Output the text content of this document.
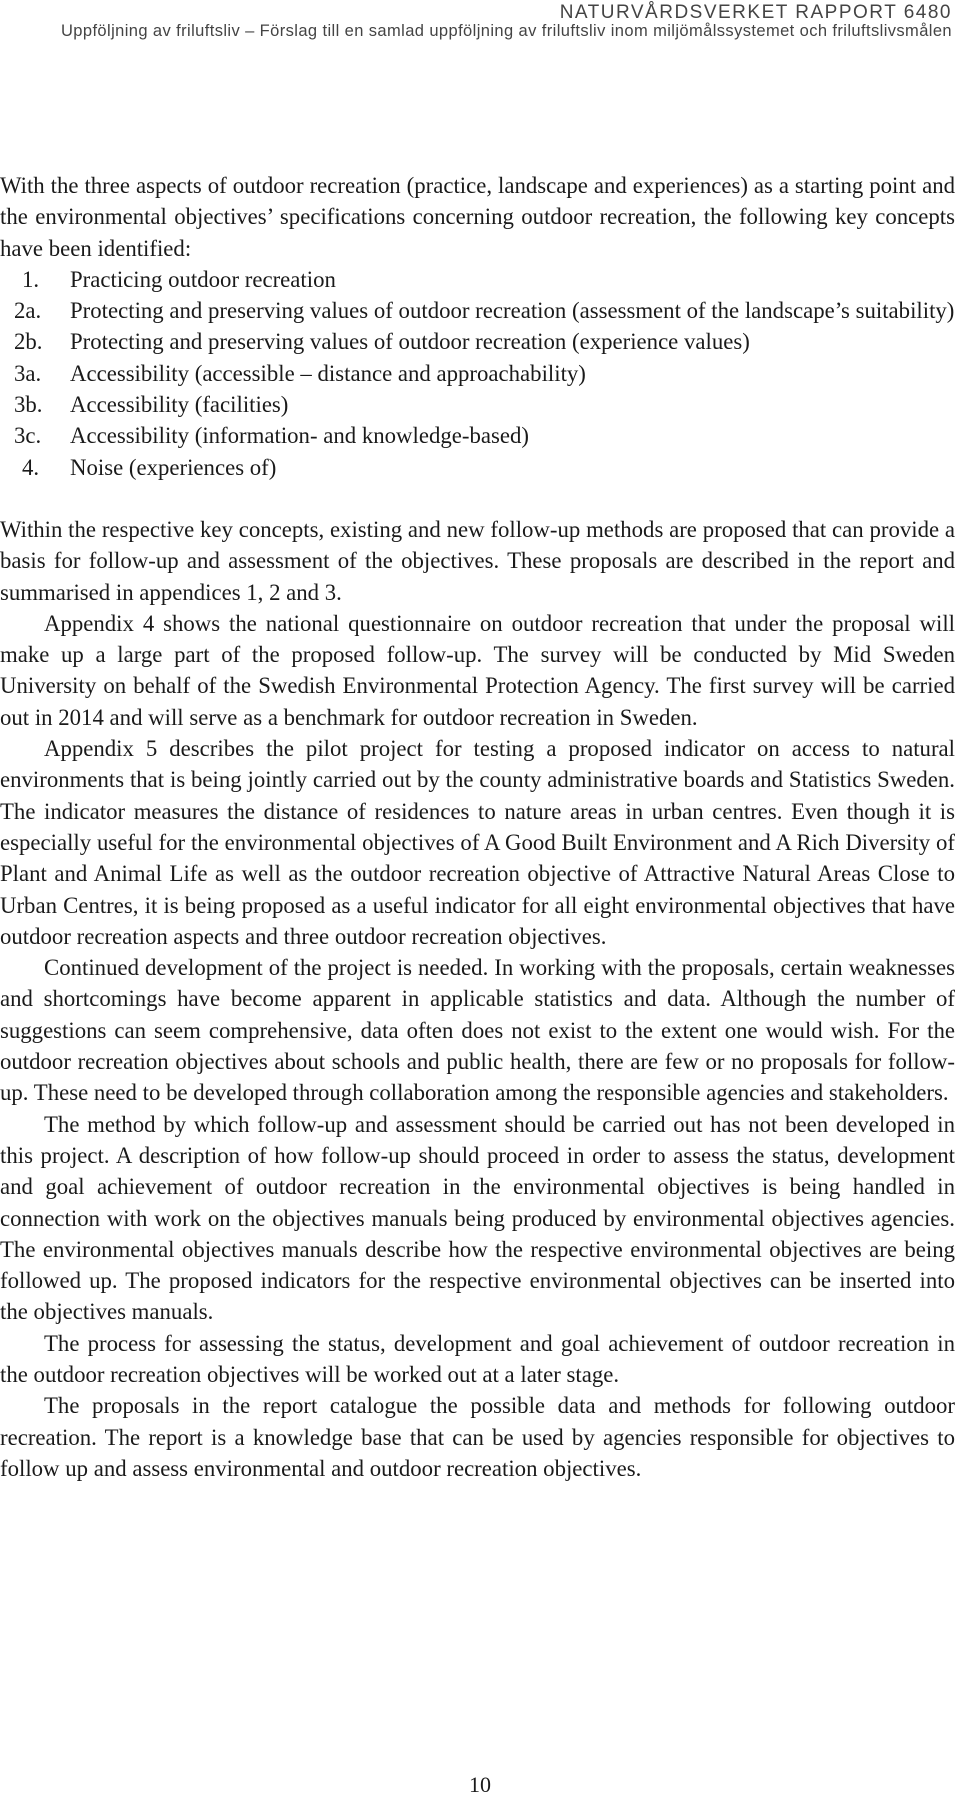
NATURVÅRDSVERKET RAPPORT 6480
Uppföljning av friluftsliv – Förslag till en samlad uppföljning av friluftsliv inom miljömålssystemet och friluftslivsmålen

With the three aspects of outdoor recreation (practice, landscape and experiences) as a starting point and the environmental objectives’ specifications concerning outdoor recreation, the following key concepts have been identified:

1. Practicing outdoor recreation
2a. Protecting and preserving values of outdoor recreation (assessment of the landscape’s suitability)
2b. Protecting and preserving values of outdoor recreation (experience values)
3a. Accessibility (accessible – distance and approachability)
3b. Accessibility (facilities)
3c. Accessibility (information- and knowledge-based)
4. Noise (experiences of)

Within the respective key concepts, existing and new follow-up methods are proposed that can provide a basis for follow-up and assessment of the objectives. These proposals are described in the report and summarised in appendices 1, 2 and 3.

Appendix 4 shows the national questionnaire on outdoor recreation that under the proposal will make up a large part of the proposed follow-up. The survey will be conducted by Mid Sweden University on behalf of the Swedish Environmental Protection Agency. The first survey will be carried out in 2014 and will serve as a benchmark for outdoor recreation in Sweden.

Appendix 5 describes the pilot project for testing a proposed indicator on access to natural environments that is being jointly carried out by the county administrative boards and Statistics Sweden. The indicator measures the distance of residences to nature areas in urban centres. Even though it is especially useful for the environmental objectives of A Good Built Environment and A Rich Diversity of Plant and Animal Life as well as the outdoor recreation objective of Attractive Natural Areas Close to Urban Centres, it is being proposed as a useful indicator for all eight environmental objectives that have outdoor recreation aspects and three outdoor recreation objectives.

Continued development of the project is needed. In working with the proposals, certain weaknesses and shortcomings have become apparent in applicable statistics and data. Although the number of suggestions can seem comprehensive, data often does not exist to the extent one would wish. For the outdoor recreation objectives about schools and public health, there are few or no proposals for follow-up. These need to be developed through collaboration among the responsible agencies and stakeholders.

The method by which follow-up and assessment should be carried out has not been developed in this project. A description of how follow-up should proceed in order to assess the status, development and goal achievement of outdoor recreation in the environmental objectives is being handled in connection with work on the objectives manuals being produced by environmental objectives agencies. The environmental objectives manuals describe how the respective environmental objectives are being followed up. The proposed indicators for the respective environmental objectives can be inserted into the objectives manuals.

The process for assessing the status, development and goal achievement of outdoor recreation in the outdoor recreation objectives will be worked out at a later stage.

The proposals in the report catalogue the possible data and methods for following outdoor recreation. The report is a knowledge base that can be used by agencies responsible for objectives to follow up and assess environmental and outdoor recreation objectives.

10
